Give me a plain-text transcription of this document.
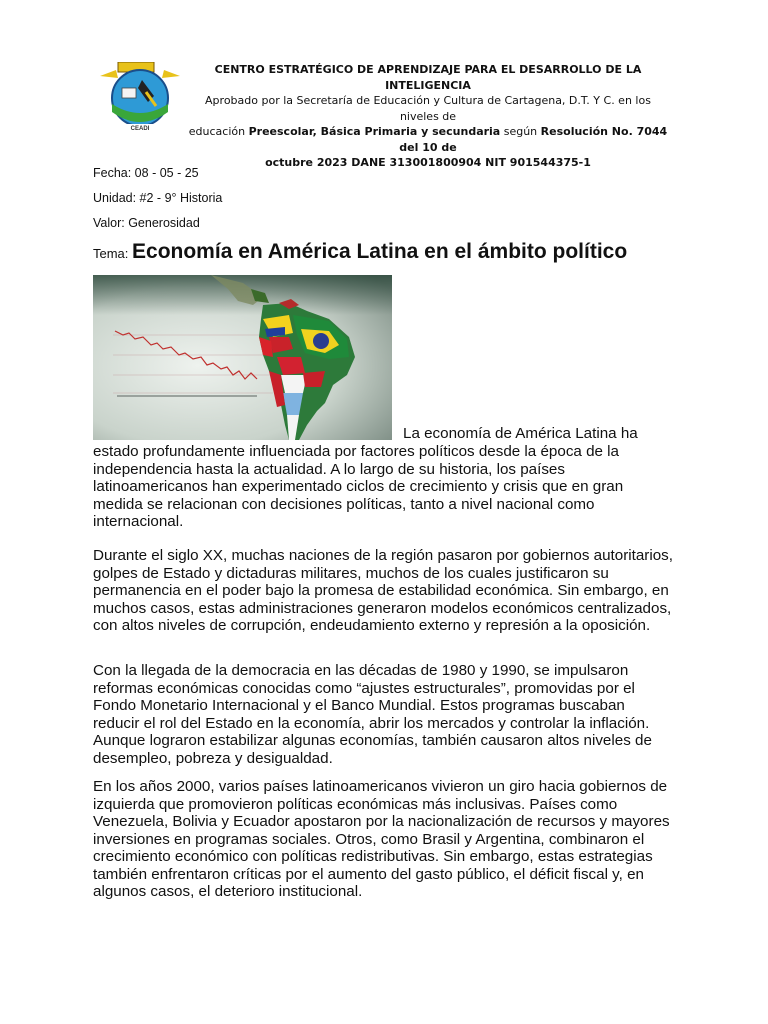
CEADI
CENTRO ESTRATÉGICO DE APRENDIZAJE PARA EL DESARROLLO DE LA INTELIGENCIA
Aprobado por la Secretaría de Educación y Cultura de Cartagena, D.T. Y C. en los niveles de
educación Preescolar, Básica Primaria y secundaria según Resolución No. 7044 del 10 de
octubre 2023 DANE 313001800904 NIT 901544375-1
Fecha: 08 - 05 - 25
Unidad: #2 - 9° Historia
Valor: Generosidad
Tema: Economía en América Latina en el ámbito político
La economía de América Latina ha

estado profundamente influenciada por factores políticos desde la época de la independencia hasta la actualidad. A lo largo de su historia, los países latinoamericanos han experimentado ciclos de crecimiento y crisis que en gran medida se relacionan con decisiones políticas, tanto a nivel nacional como internacional.

Durante el siglo XX, muchas naciones de la región pasaron por gobiernos autoritarios, golpes de Estado y dictaduras militares, muchos de los cuales justificaron su permanencia en el poder bajo la promesa de estabilidad económica. Sin embargo, en muchos casos, estas administraciones generaron modelos económicos centralizados, con altos niveles de corrupción, endeudamiento externo y represión a la oposición.

Con la llegada de la democracia en las décadas de 1980 y 1990, se impulsaron reformas económicas conocidas como “ajustes estructurales”, promovidas por el Fondo Monetario Internacional y el Banco Mundial. Estos programas buscaban reducir el rol del Estado en la economía, abrir los mercados y controlar la inflación. Aunque lograron estabilizar algunas economías, también causaron altos niveles de desempleo, pobreza y desigualdad.

En los años 2000, varios países latinoamericanos vivieron un giro hacia gobiernos de izquierda que promovieron políticas económicas más inclusivas. Países como Venezuela, Bolivia y Ecuador apostaron por la nacionalización de recursos y mayores inversiones en programas sociales. Otros, como Brasil y Argentina, combinaron el crecimiento económico con políticas redistributivas. Sin embargo, estas estrategias también enfrentaron críticas por el aumento del gasto público, el déficit fiscal y, en algunos casos, el deterioro institucional.
